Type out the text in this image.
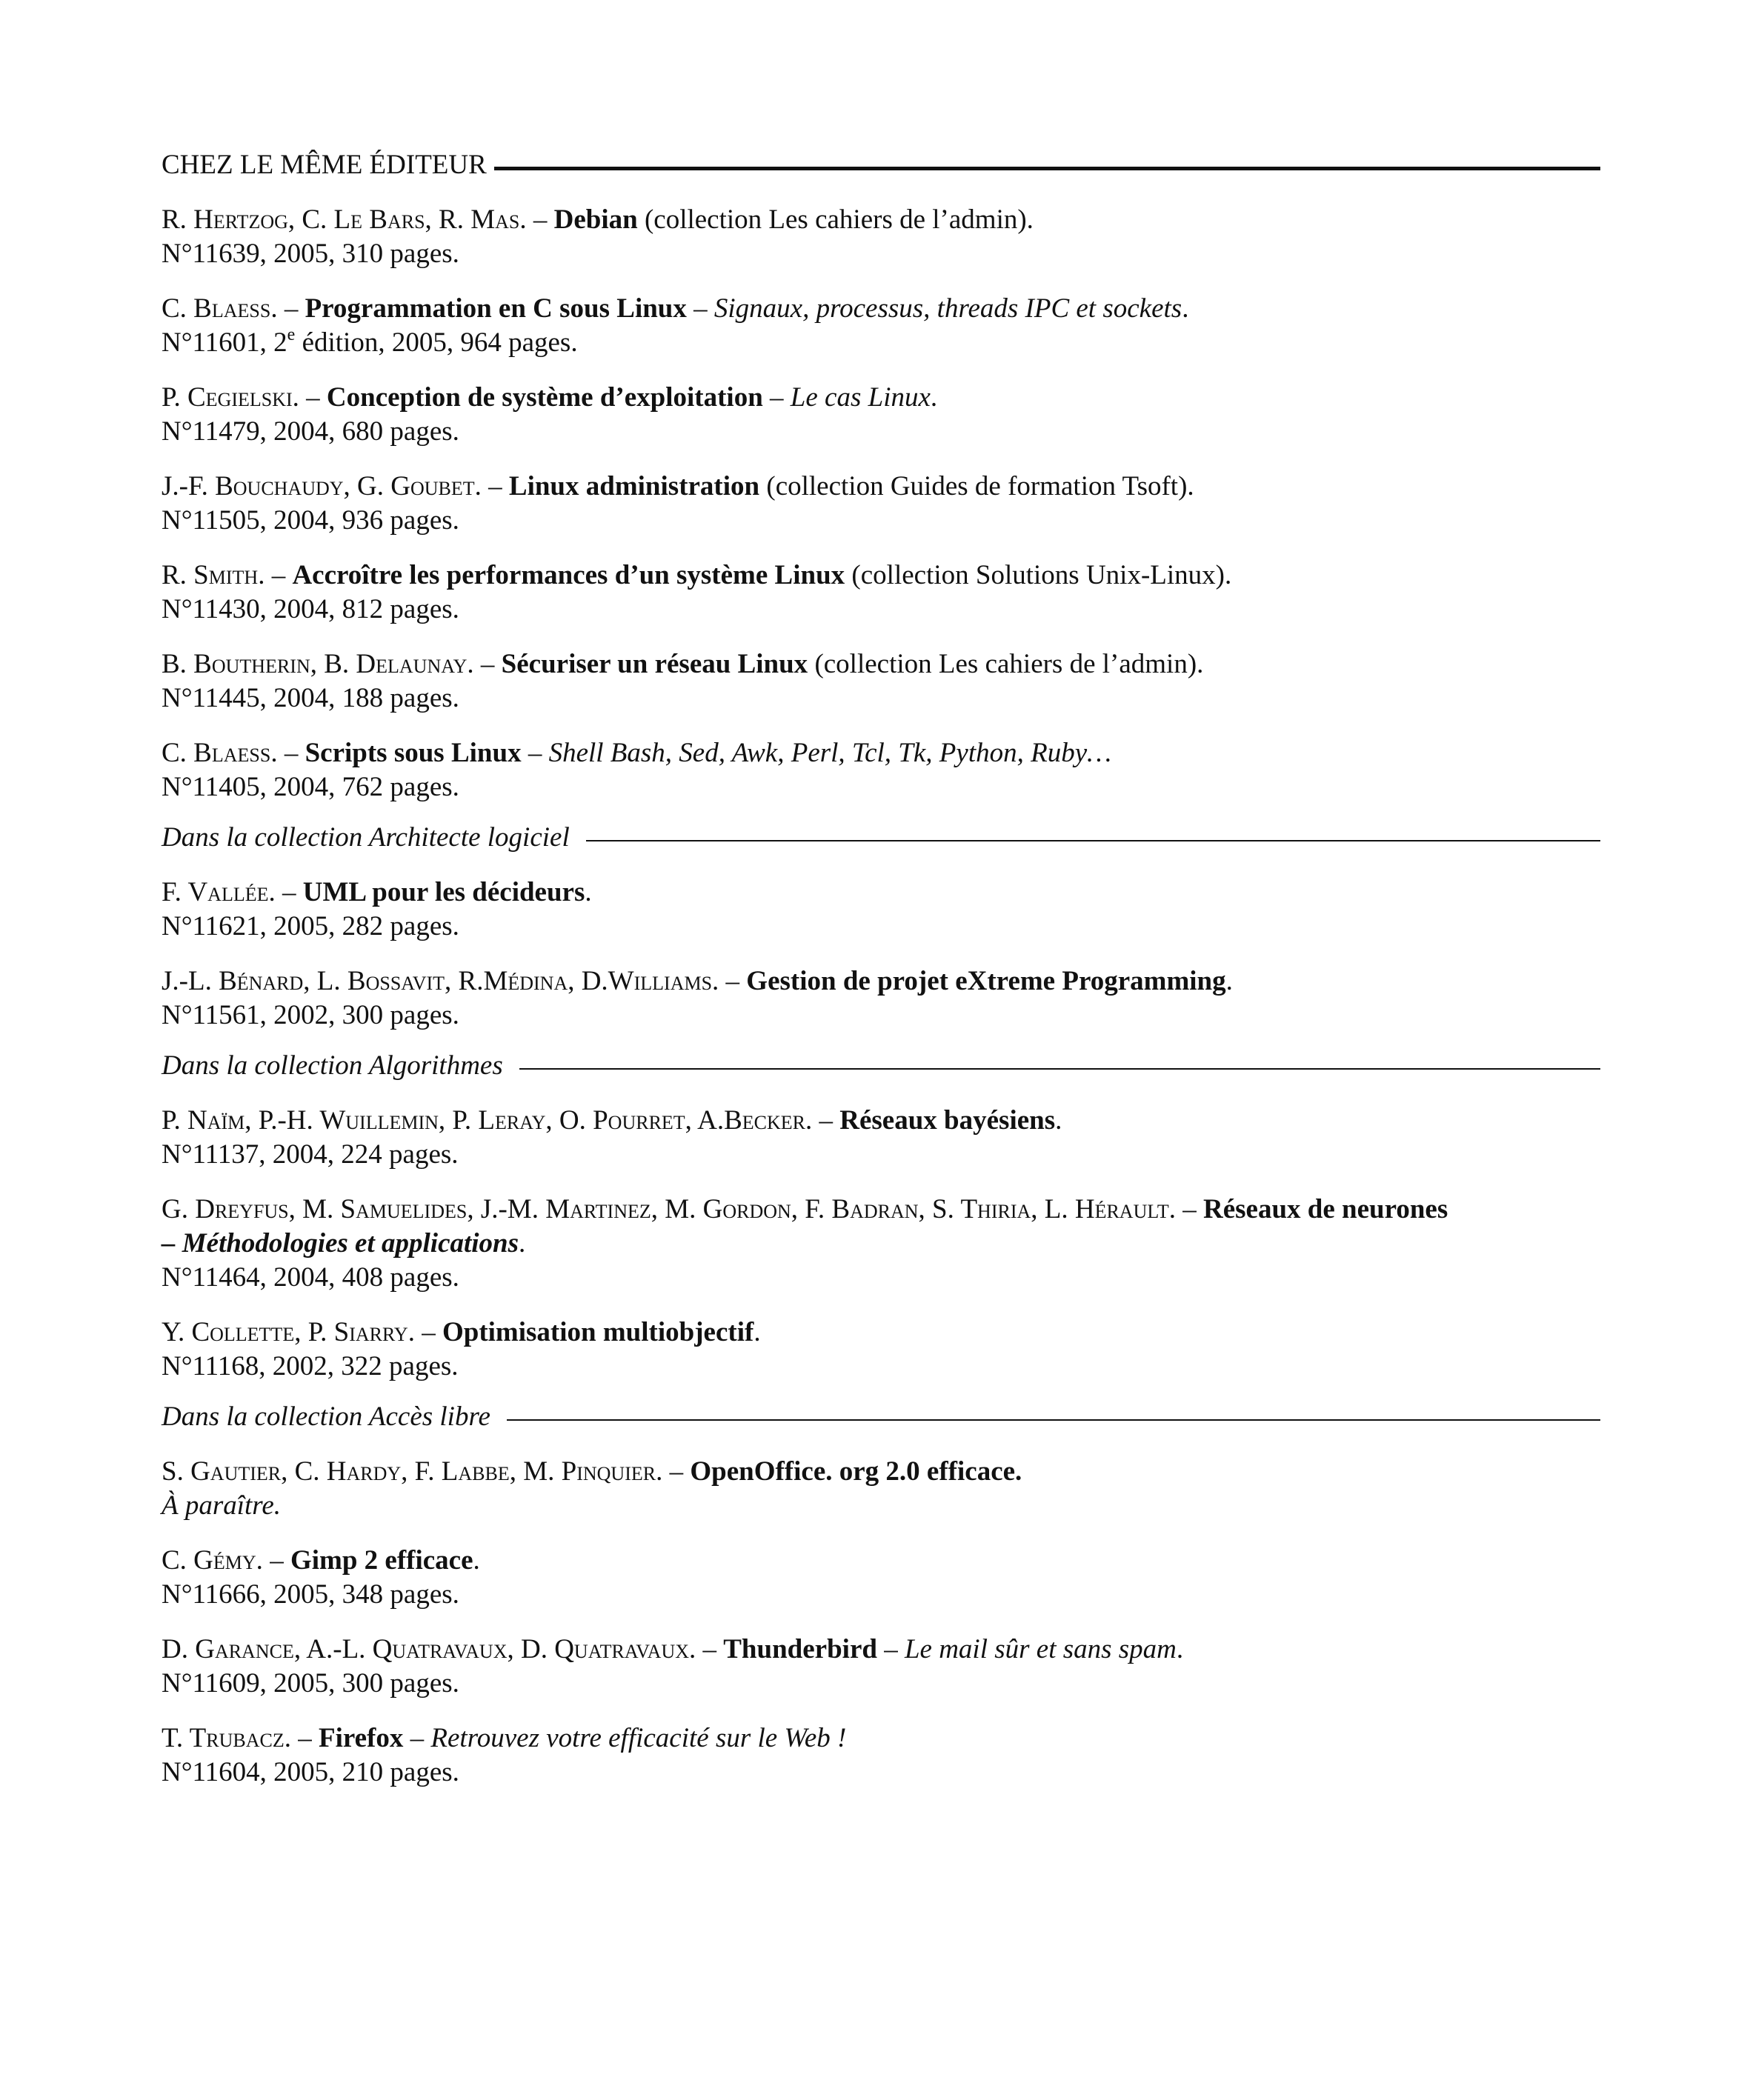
CHEZ LE MÊME ÉDITEUR
R. Hertzog, C. Le Bars, R. Mas. – Debian (collection Les cahiers de l’admin).
N°11639, 2005, 310 pages.
C. Blaess. – Programmation en C sous Linux – Signaux, processus, threads IPC et sockets.
N°11601, 2e édition, 2005, 964 pages.
P. Cegielski. – Conception de système d’exploitation – Le cas Linux.
N°11479, 2004, 680 pages.
J.-F. Bouchaudy, G. Goubet. – Linux administration (collection Guides de formation Tsoft).
N°11505, 2004, 936 pages.
R. Smith. – Accroître les performances d’un système Linux (collection Solutions Unix-Linux).
N°11430, 2004, 812 pages.
B. Boutherin, B. Delaunay. – Sécuriser un réseau Linux (collection Les cahiers de l’admin).
N°11445, 2004, 188 pages.
C. Blaess. – Scripts sous Linux – Shell Bash, Sed, Awk, Perl, Tcl, Tk, Python, Ruby…
N°11405, 2004, 762 pages.
Dans la collection Architecte logiciel
F. Vallée. – UML pour les décideurs.
N°11621, 2005, 282 pages.
J.-L. Bénard, L. Bossavit, R.Médina, D.Williams. – Gestion de projet eXtreme Programming.
N°11561, 2002, 300 pages.
Dans la collection Algorithmes
P. Naïm, P.-H. Wuillemin, P. Leray, O. Pourret, A.Becker. – Réseaux bayésiens.
N°11137, 2004, 224 pages.
G. Dreyfus, M. Samuelides, J.-M. Martinez, M. Gordon, F. Badran, S. Thiria, L. Hérault. – Réseaux de neurones
– Méthodologies et applications.
N°11464, 2004, 408 pages.
Y. Collette, P. Siarry. – Optimisation multiobjectif.
N°11168, 2002, 322 pages.
Dans la collection Accès libre
S. Gautier, C. Hardy, F. Labbe, M. Pinquier. – OpenOffice. org 2.0 efficace.
À paraître.
C. Gémy. – Gimp 2 efficace.
N°11666, 2005, 348 pages.
D. Garance, A.-L. Quatravaux, D. Quatravaux. – Thunderbird – Le mail sûr et sans spam.
N°11609, 2005, 300 pages.
T. Trubacz. – Firefox – Retrouvez votre efficacité sur le Web !
N°11604, 2005, 210 pages.
